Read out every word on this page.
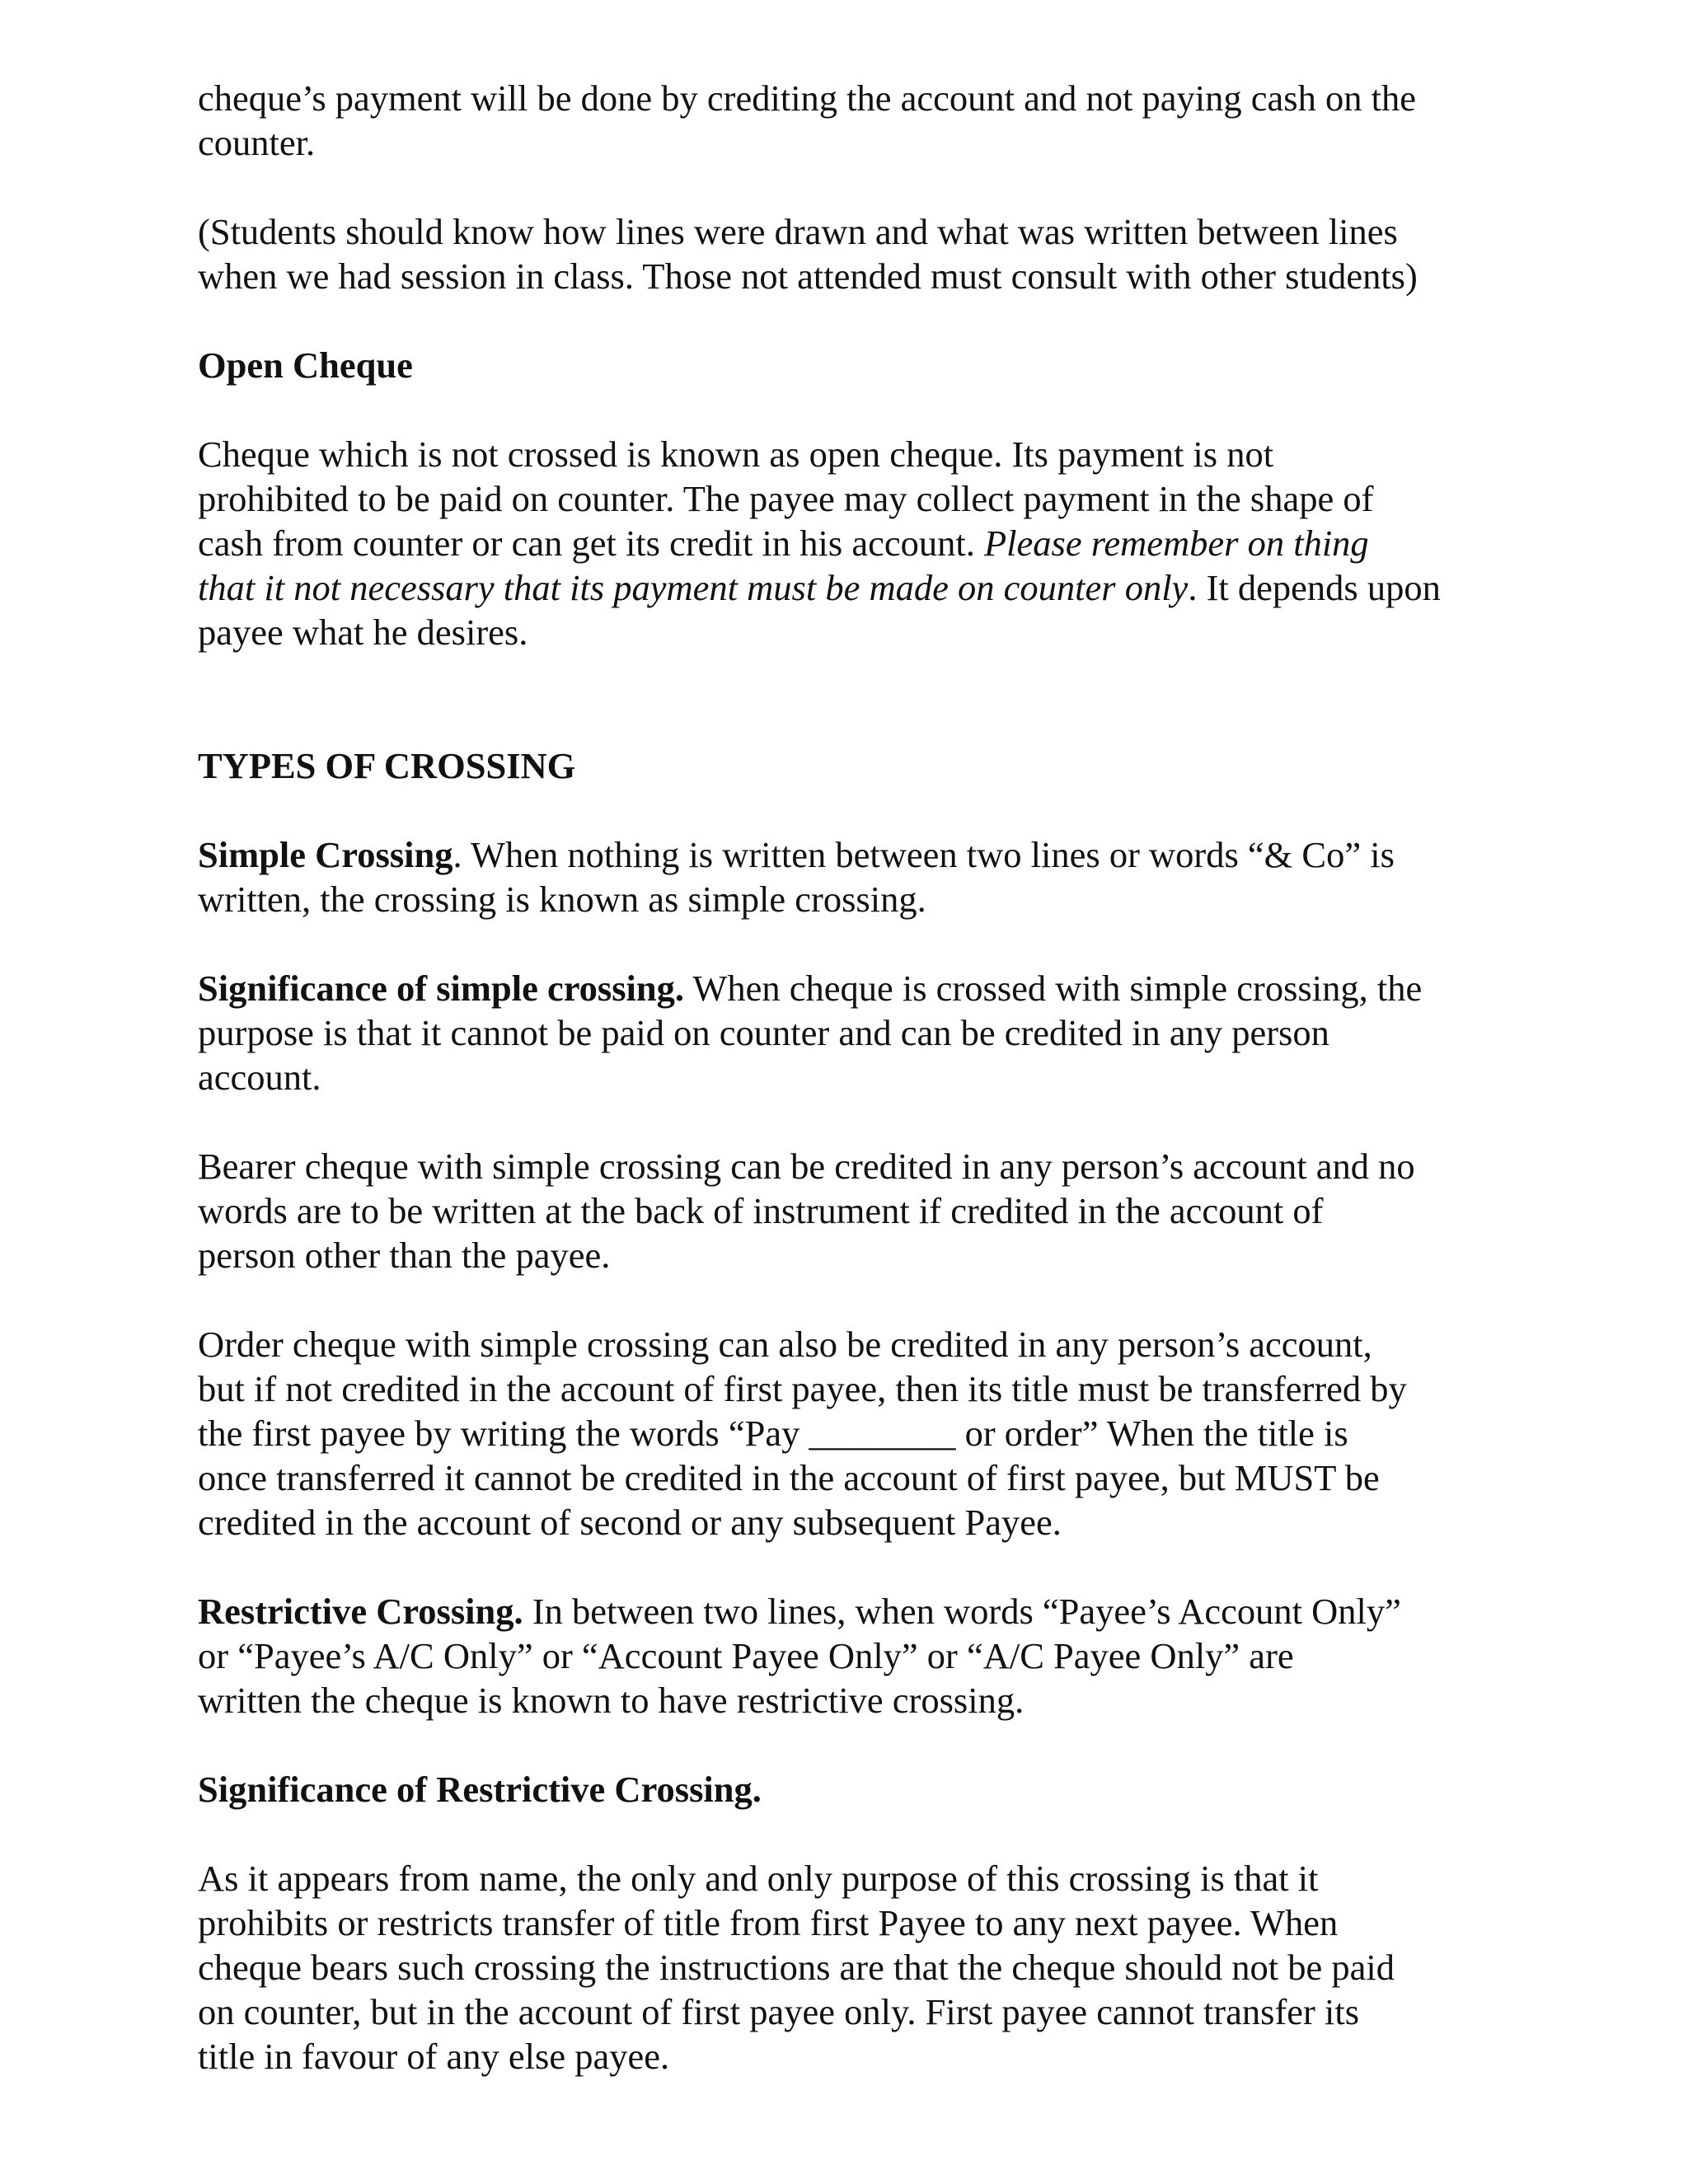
cheque’s payment will be done by crediting the account and not paying cash on the
counter.

(Students should know how lines were drawn and what was written between lines
when we had session in class. Those not attended must consult with other students)

Open Cheque

Cheque which is not crossed is known as open cheque. Its payment is not
prohibited to be paid on counter. The payee may collect payment in the shape of
cash from counter or can get its credit in his account. Please remember on thing
that it not necessary that its payment must be made on counter only. It depends upon
payee what he desires.

TYPES OF CROSSING

Simple Crossing. When nothing is written between two lines or words “& Co” is
written, the crossing is known as simple crossing.

Significance of simple crossing. When cheque is crossed with simple crossing, the
purpose is that it cannot be paid on counter and can be credited in any person
account.

Bearer cheque with simple crossing can be credited in any person’s account and no
words are to be written at the back of instrument if credited in the account of
person other than the payee.

Order cheque with simple crossing can also be credited in any person’s account,
but if not credited in the account of first payee, then its title must be transferred by
the first payee by writing the words “Pay ________ or order” When the title is
once transferred it cannot be credited in the account of first payee, but MUST be
credited in the account of second or any subsequent Payee.

Restrictive Crossing. In between two lines, when words “Payee’s Account Only”
or “Payee’s A/C Only” or “Account Payee Only” or “A/C Payee Only” are
written the cheque is known to have restrictive crossing.

Significance of Restrictive Crossing.

As it appears from name, the only and only purpose of this crossing is that it
prohibits or restricts transfer of title from first Payee to any next payee. When
cheque bears such crossing the instructions are that the cheque should not be paid
on counter, but in the account of first payee only. First payee cannot transfer its
title in favour of any else payee.
